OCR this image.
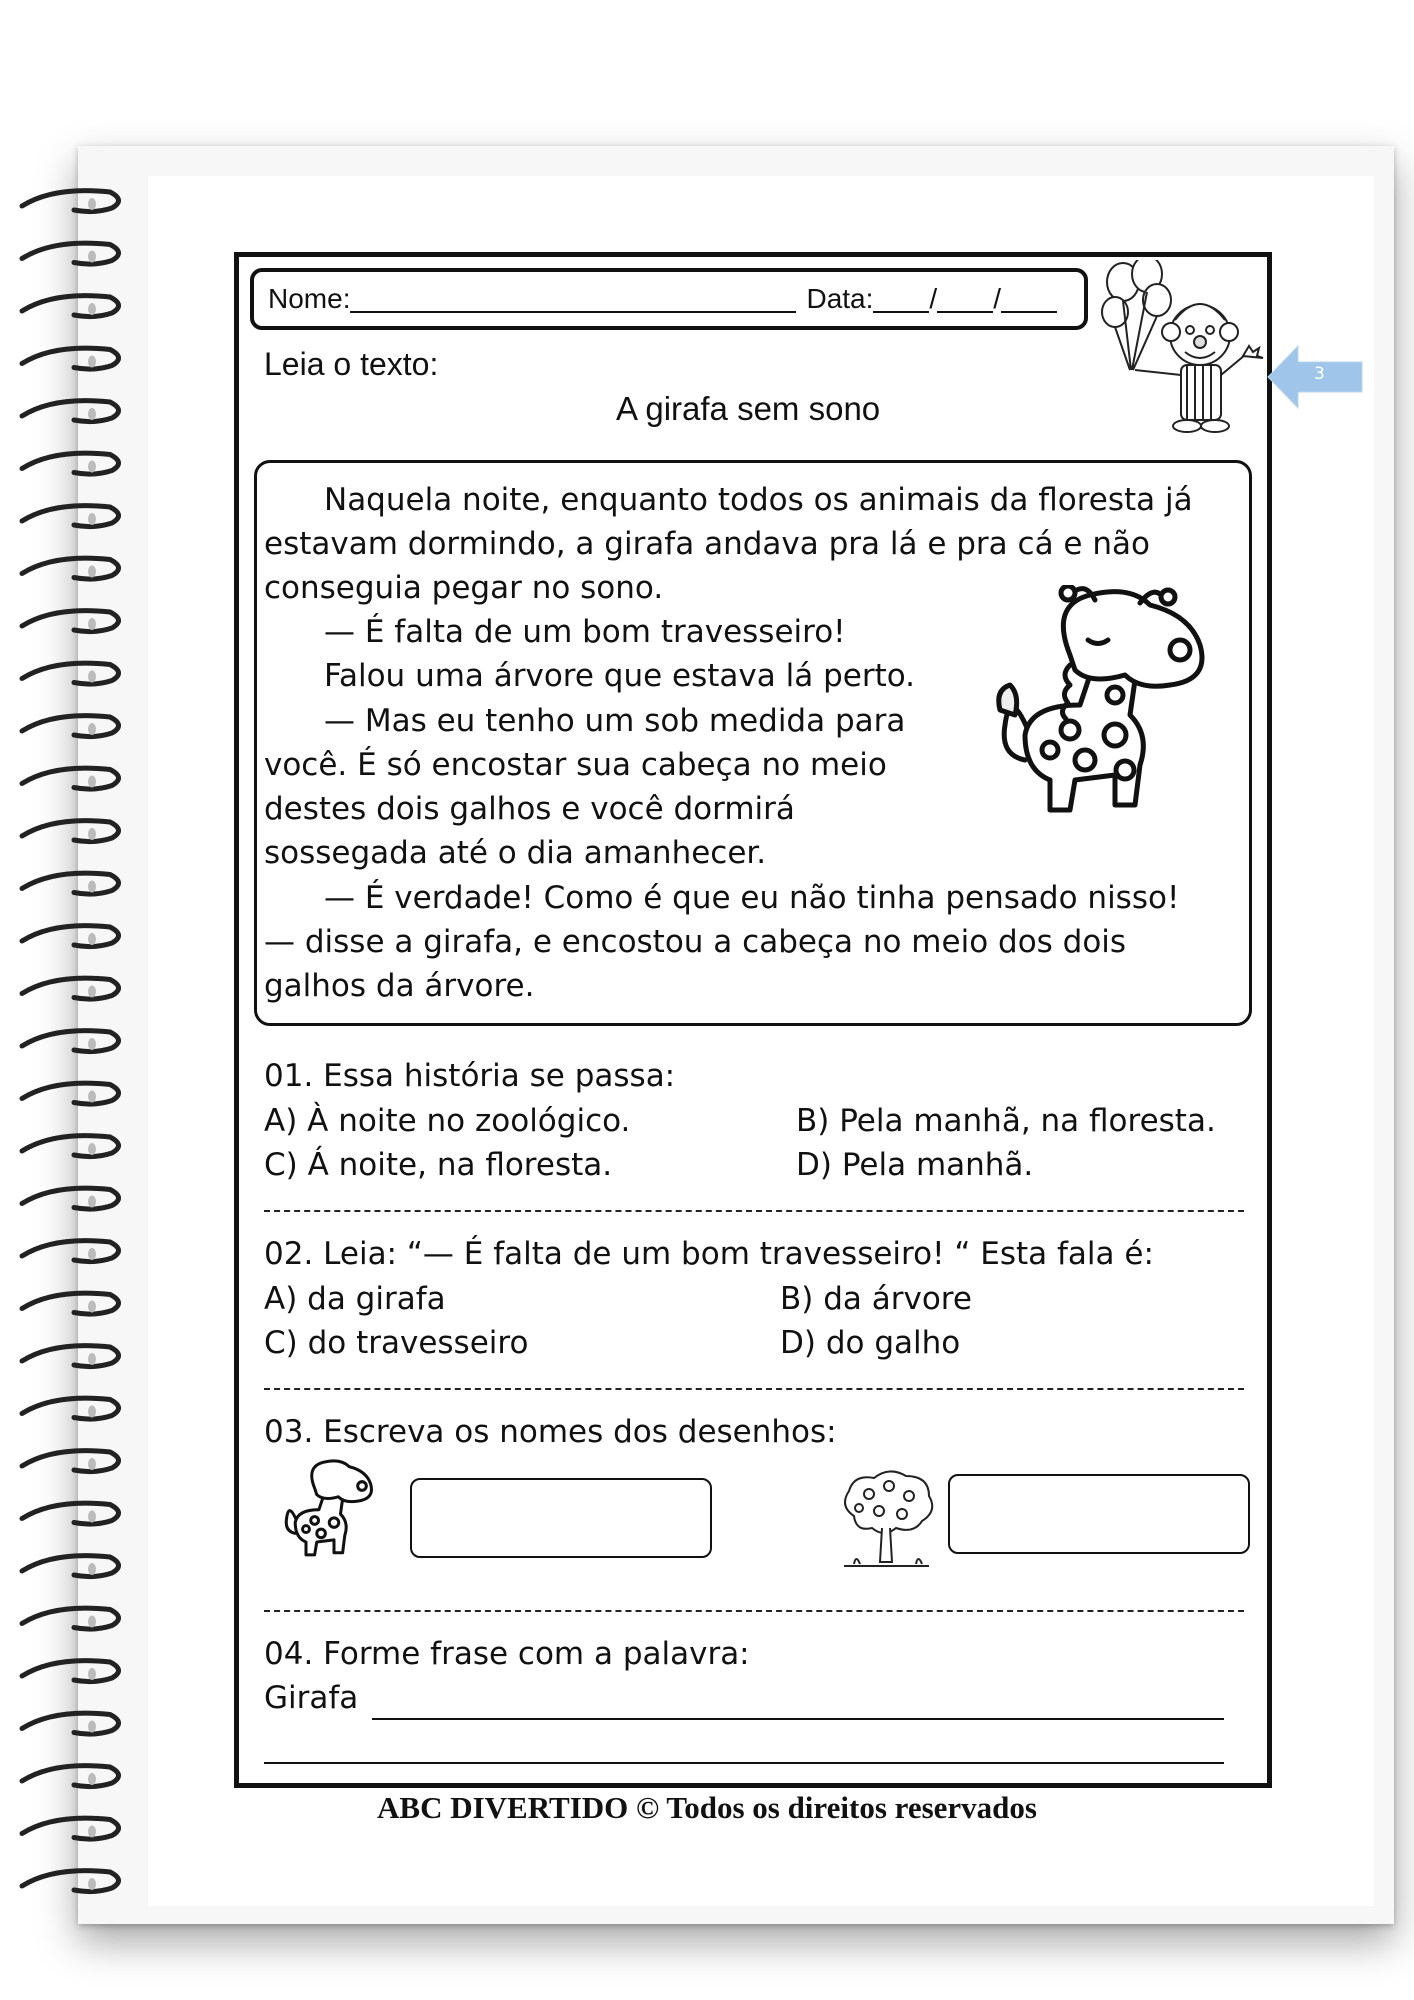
Nome:	Data: / /
3
Leia o texto:
A girafa sem sono
Naquela noite, enquanto todos os animais da floresta já
estavam dormindo, a girafa andava pra lá e pra cá e não
conseguia pegar no sono.
— É falta de um bom travesseiro!
Falou uma árvore que estava lá perto.
— Mas eu tenho um sob medida para
você. É só encostar sua cabeça no meio
destes dois galhos e você dormirá
sossegada até o dia amanhecer.
— É verdade! Como é que eu não tinha pensado nisso!
— disse a girafa, e encostou a cabeça no meio dos dois
galhos da árvore.
01. Essa história se passa:
A) À noite no zoológico.	B) Pela manhã, na floresta.
C) Á noite, na floresta.	D) Pela manhã.
02. Leia: “— É falta de um bom travesseiro! “ Esta fala é:
A) da girafa	B) da árvore
C) do travesseiro	D) do galho
03. Escreva os nomes dos desenhos:
04. Forme frase com a palavra:
Girafa
ABC DIVERTIDO © Todos os direitos reservados
